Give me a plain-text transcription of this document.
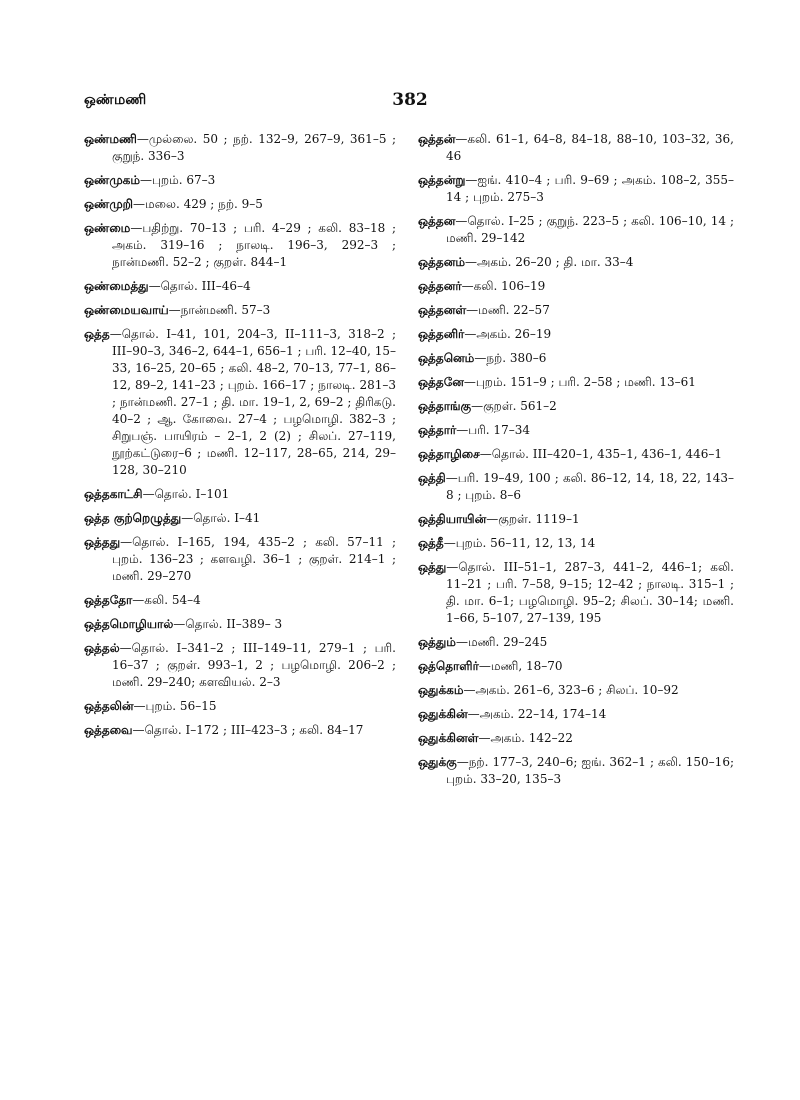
ஒண்மணி	382

ஒண்மணி—முல்லை. 50 ; நற். 132–9, 267–9, 361–5 ; குறுந். 336–3

ஒண்முகம்—புறம். 67–3

ஒண்முறி—மலை. 429 ; நற். 9–5

ஒண்மை—பதிற்று. 70–13 ; பரி. 4–29 ; கலி. 83–18 ; அகம். 319–16 ; நாலடி. 196–3, 292–3 ; நான்மணி. 52–2 ; குறள். 844–1

ஒண்மைத்து—தொல். III–46–4

ஒண்மையவாய்—நான்மணி. 57–3

ஒத்த—தொல். I–41, 101, 204–3, II–111–3, 318–2 ; III–90–3, 346–2, 644–1, 656–1 ; பரி. 12–40, 15–33, 16–25, 20–65 ; கலி. 48–2, 70–13, 77–1, 86–12, 89–2, 141–23 ; புறம். 166–17 ; நாலடி. 281–3 ; நான்மணி. 27–1 ; தி. மா. 19–1, 2, 69–2 ; திரிகடு. 40–2 ; ஆ. கோவை. 27–4 ; பழமொழி. 382–3 ; சிறுபஞ். பாயிரம் – 2–1, 2 (2) ; சிலப். 27–119, நூற்கட்டுரை–6 ; மணி. 12–117, 28–65, 214, 29–128, 30–210

ஒத்தகாட்சி—தொல். I–101

ஒத்த குற்றெழுத்து—தொல். I–41

ஒத்தது—தொல். I–165, 194, 435–2 ; கலி. 57–11 ; புறம். 136–23 ; களவழி. 36–1 ; குறள். 214–1 ; மணி. 29–270

ஒத்ததோ—கலி. 54–4

ஒத்தமொழியால்—தொல். II–389– 3

ஒத்தல்—தொல். I–341–2 ; III–149–11, 279–1 ; பரி. 16–37 ; குறள். 993–1, 2 ; பழமொழி. 206–2 ; மணி. 29–240; களவியல். 2–3

ஒத்தலின்—புறம். 56–15

ஒத்தவை—தொல். I–172 ; III–423–3 ; கலி. 84–17

ஒத்தன்—கலி. 61–1, 64–8, 84–18, 88–10, 103–32, 36, 46

ஒத்தன்று—ஐங். 410–4 ; பரி. 9–69 ; அகம். 108–2, 355–14 ; புறம். 275–3

ஒத்தன—தொல். I–25 ; குறுந். 223–5 ; கலி. 106–10, 14 ; மணி. 29–142

ஒத்தனம்—அகம். 26–20 ; தி. மா. 33–4

ஒத்தனர்—கலி. 106–19

ஒத்தனள்—மணி. 22–57

ஒத்தனிர்—அகம். 26–19

ஒத்தனெம்—நற். 380–6

ஒத்தனே—புறம். 151–9 ; பரி. 2–58 ; மணி. 13–61

ஒத்தாங்கு—குறள். 561–2

ஒத்தார்—பரி. 17–34

ஒத்தாழிசை—தொல். III–420–1, 435–1, 436–1, 446–1

ஒத்தி—பரி. 19–49, 100 ; கலி. 86–12, 14, 18, 22, 143–8 ; புறம். 8–6

ஒத்தியாயின்—குறள். 1119–1

ஒத்தீ—புறம். 56–11, 12, 13, 14

ஒத்து—தொல். III–51–1, 287–3, 441–2, 446–1; கலி. 11–21 ; பரி. 7–58, 9–15; 12–42 ; நாலடி. 315–1 ; தி. மா. 6–1; பழமொழி. 95–2; சிலப். 30–14; மணி. 1–66, 5–107, 27–139, 195

ஒத்தும்—மணி. 29–245

ஒத்தொளிர்—மணி, 18–70

ஒதுக்கம்—அகம். 261–6, 323–6 ; சிலப். 10–92

ஒதுக்கின்—அகம். 22–14, 174–14

ஒதுக்கினள்—அகம். 142–22

ஒதுக்கு—நற். 177–3, 240–6; ஐங். 362–1 ; கலி. 150–16; புறம். 33–20, 135–3
